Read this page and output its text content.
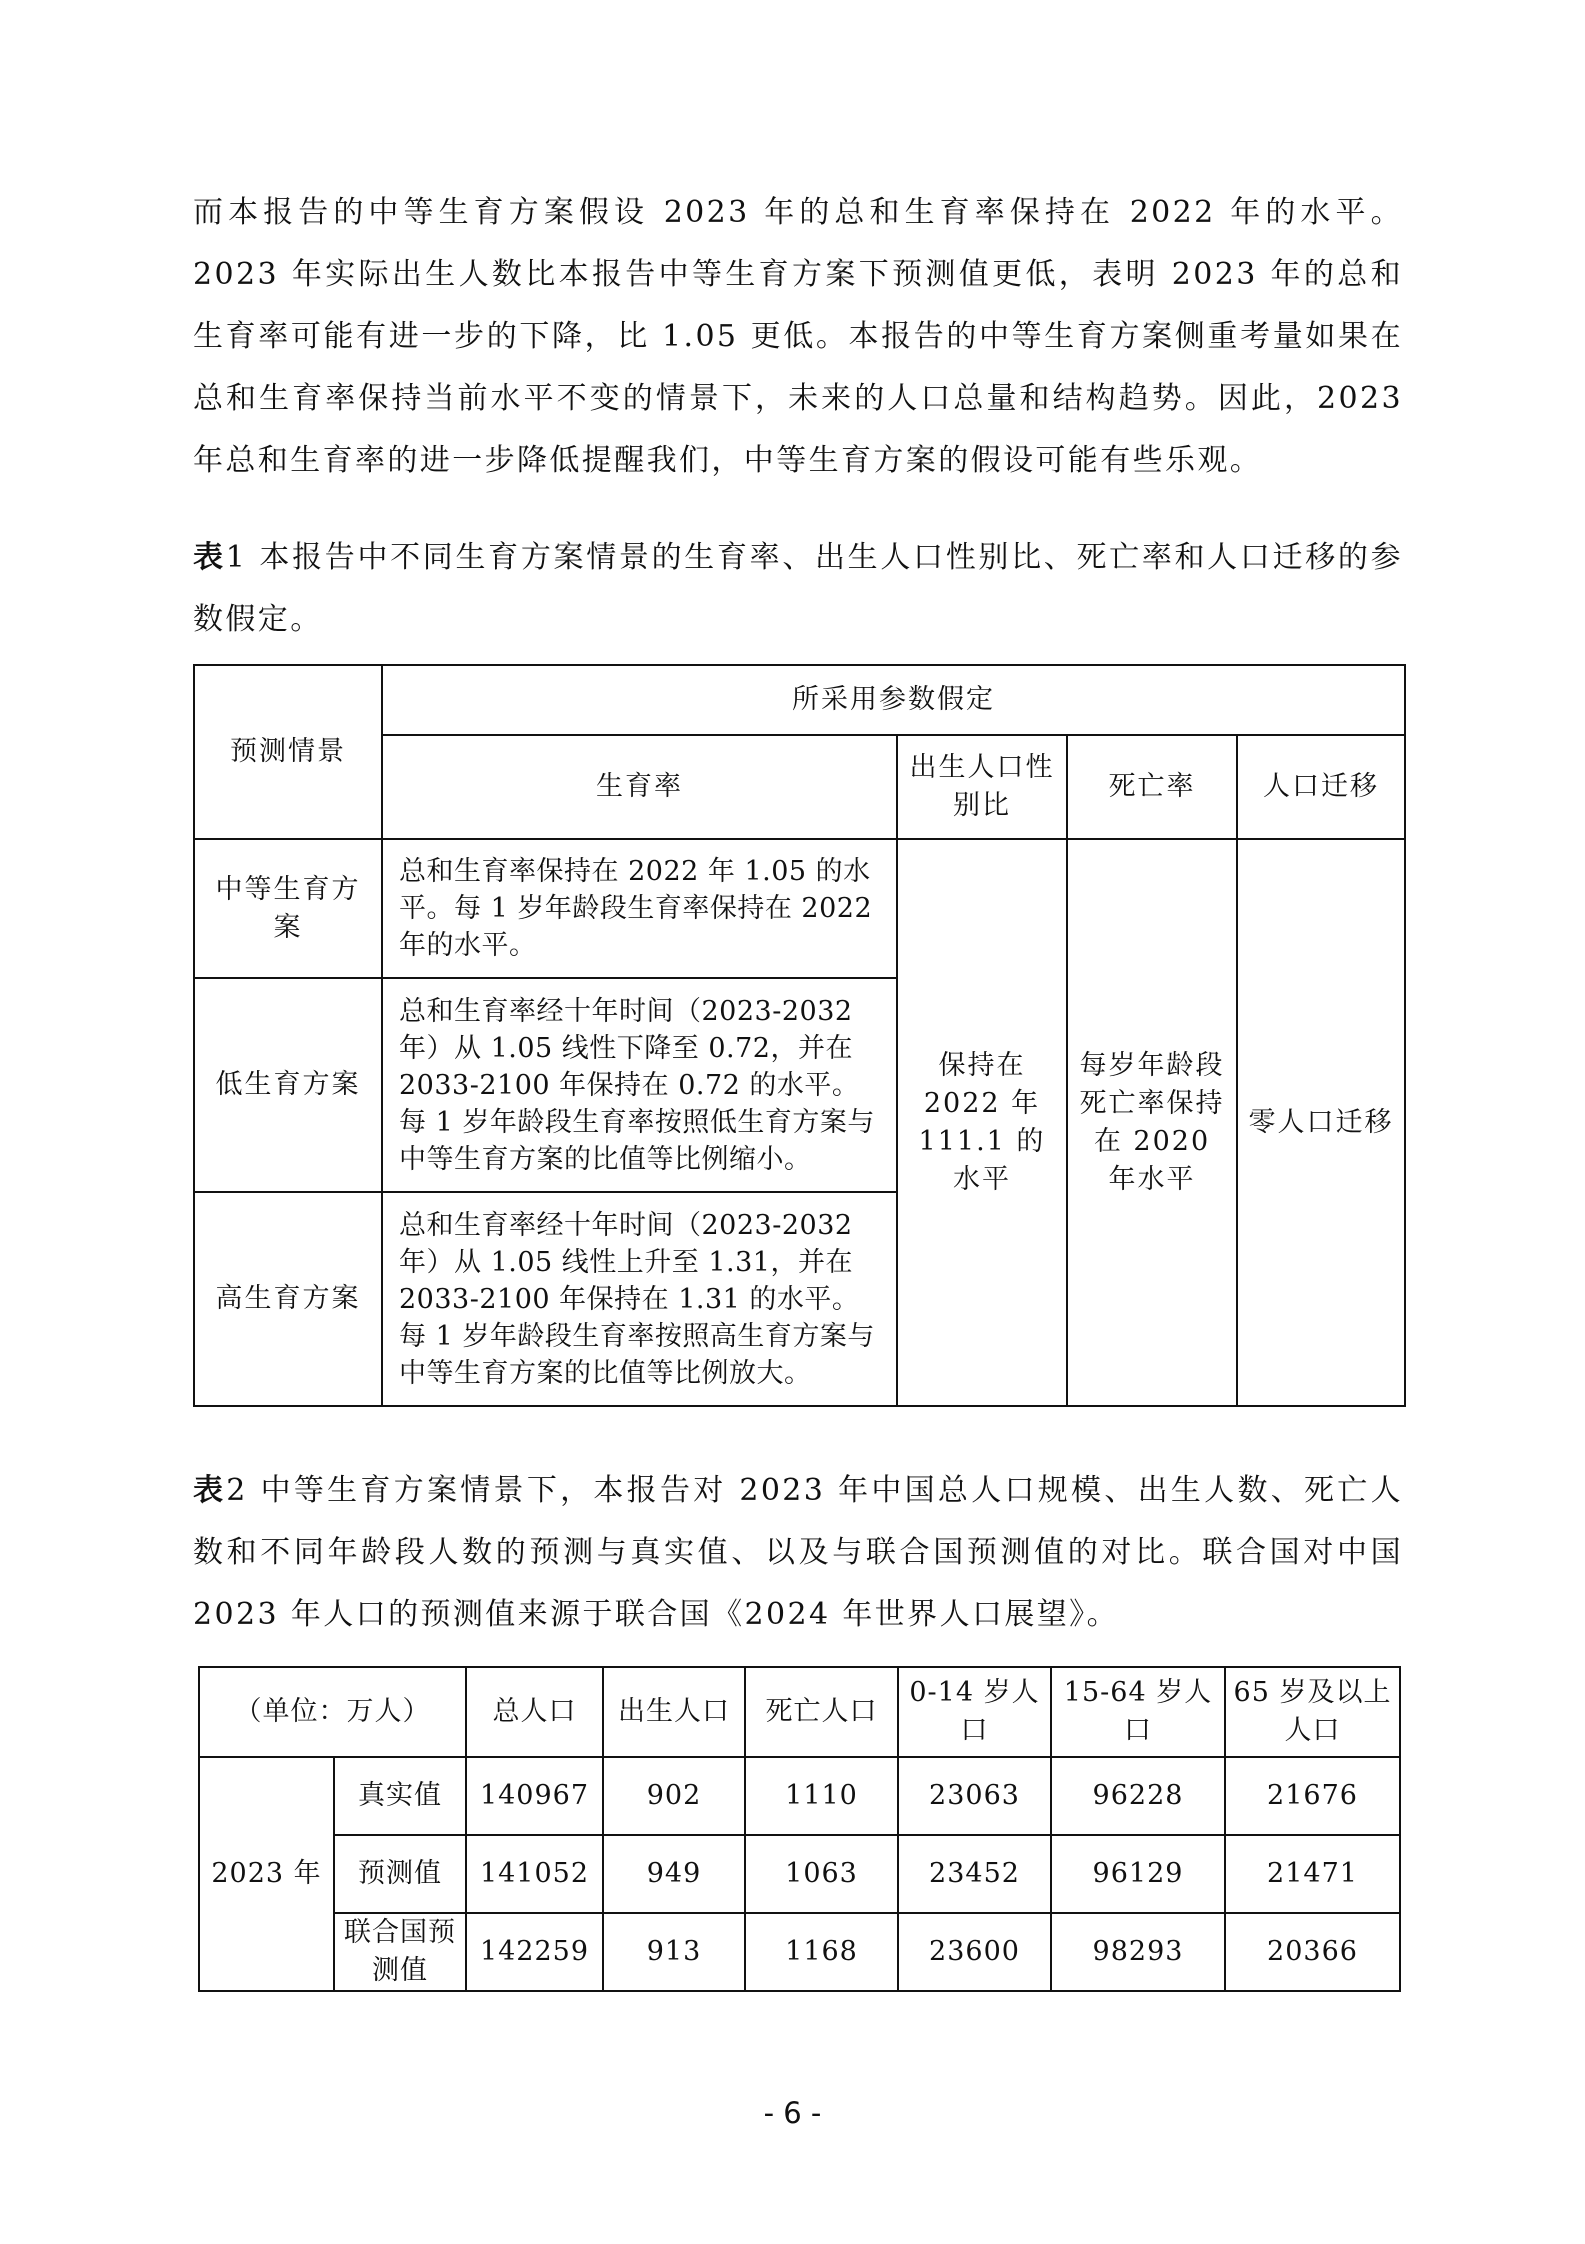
而本报告的中等生育方案假设 2023 年的总和生育率保持在 2022 年的水平。2023 年实际出生人数比本报告中等生育方案下预测值更低，表明 2023 年的总和生育率可能有进一步的下降，比 1.05 更低。本报告的中等生育方案侧重考量如果在总和生育率保持当前水平不变的情景下，未来的人口总量和结构趋势。因此，2023 年总和生育率的进一步降低提醒我们，中等生育方案的假设可能有些乐观。

表1 本报告中不同生育方案情景的生育率、出生人口性别比、死亡率和人口迁移的参数假定。

预测情景	所采用参数假定			
	生育率	出生人口性别比	死亡率	人口迁移
中等生育方案	总和生育率保持在 2022 年 1.05 的水平。每 1 岁年龄段生育率保持在 2022 年的水平。	保持在 2022 年 111.1 的水平	每岁年龄段死亡率保持在 2020 年水平	零人口迁移
低生育方案	总和生育率经十年时间（2023-2032 年）从 1.05 线性下降至 0.72，并在 2033-2100 年保持在 0.72 的水平。每 1 岁年龄段生育率按照低生育方案与中等生育方案的比值等比例缩小。			
高生育方案	总和生育率经十年时间（2023-2032 年）从 1.05 线性上升至 1.31，并在 2033-2100 年保持在 1.31 的水平。每 1 岁年龄段生育率按照高生育方案与中等生育方案的比值等比例放大。			

表2 中等生育方案情景下，本报告对 2023 年中国总人口规模、出生人数、死亡人数和不同年龄段人数的预测与真实值、以及与联合国预测值的对比。联合国对中国 2023 年人口的预测值来源于联合国《2024 年世界人口展望》。

（单位：万人）		总人口	出生人口	死亡人口	0-14 岁人口	15-64 岁人口	65 岁及以上人口
2023 年	真实值	140967	902	1110	23063	96228	21676
	预测值	141052	949	1063	23452	96129	21471
	联合国预测值	142259	913	1168	23600	98293	20366
- 6 -
